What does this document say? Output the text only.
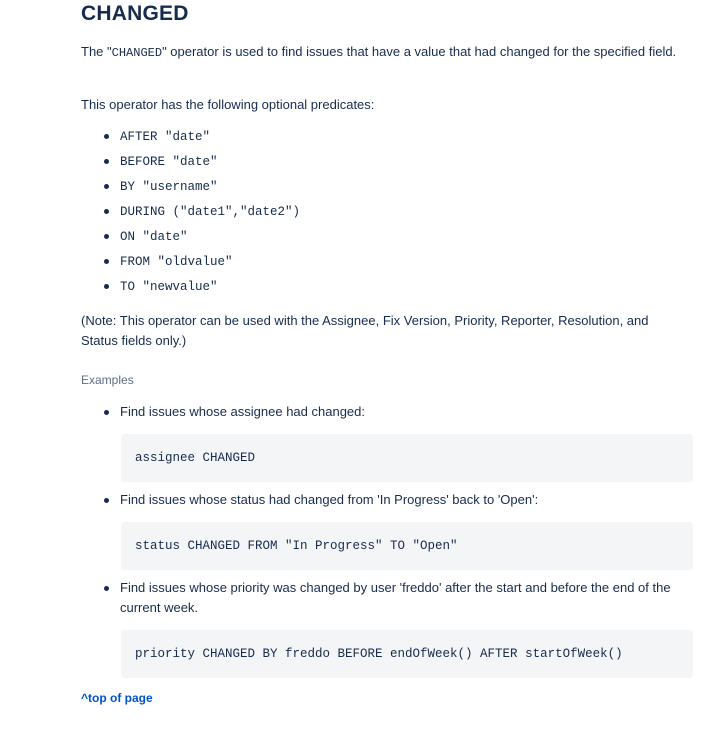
CHANGED

The "CHANGED" operator is used to find issues that have a value that had changed for the specified field.

This operator has the following optional predicates:

AFTER "date"
BEFORE "date"
BY "username"
DURING ("date1","date2")
ON "date"
FROM "oldvalue"
TO "newvalue"

(Note: This operator can be used with the Assignee, Fix Version, Priority, Reporter, Resolution, and Status fields only.)

Examples

Find issues whose assignee had changed:
assignee CHANGED
Find issues whose status had changed from 'In Progress' back to 'Open':
status CHANGED FROM "In Progress" TO "Open"
Find issues whose priority was changed by user 'freddo' after the start and before the end of the current week.
priority CHANGED BY freddo BEFORE endOfWeek() AFTER startOfWeek()
^top of page
